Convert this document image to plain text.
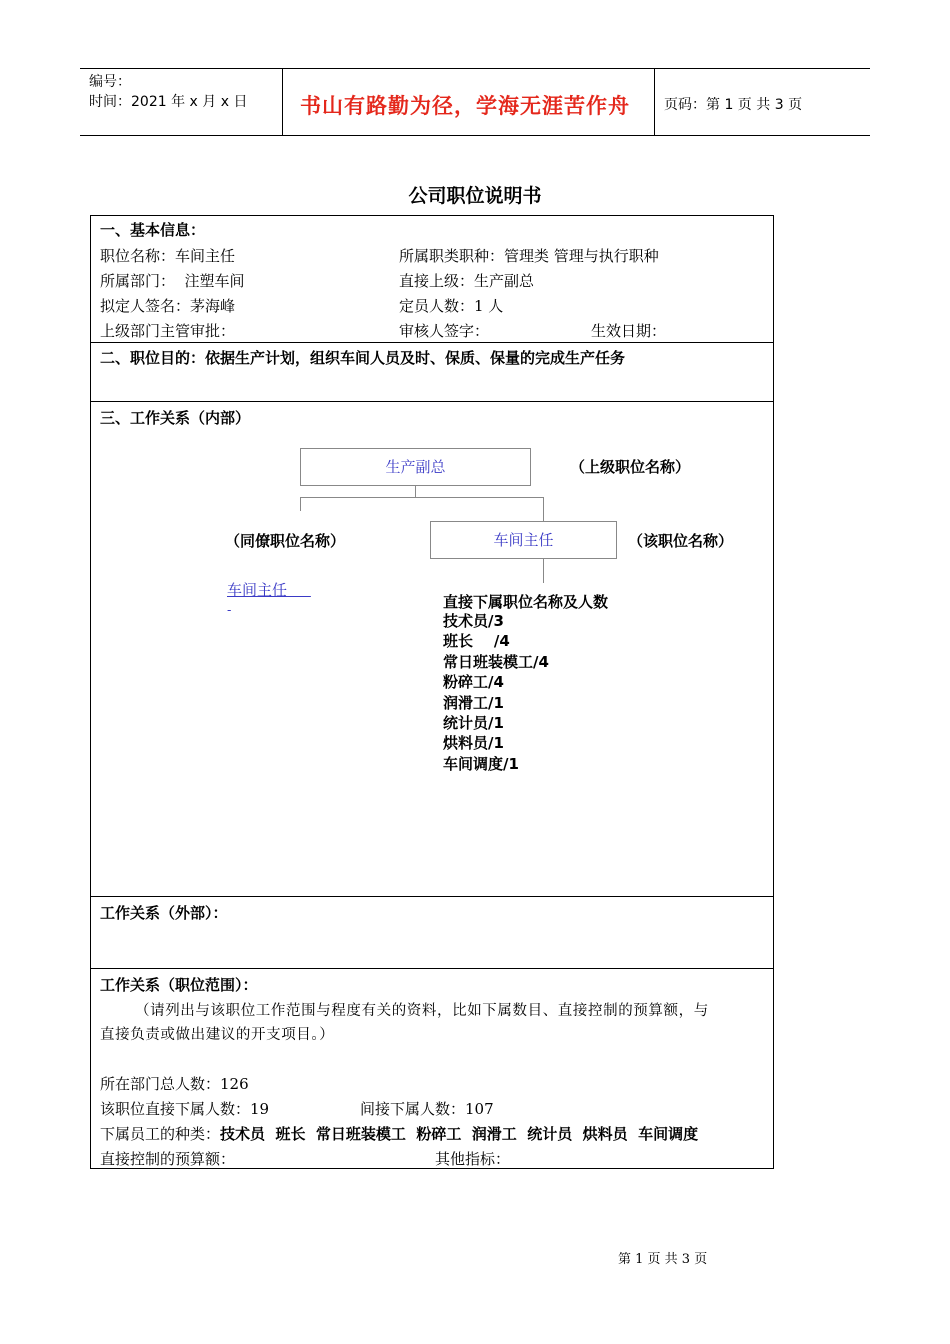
编号：
时间：2021 年 x 月 x 日	书山有路勤为径，学海无涯苦作舟 页码：第 1 页 共 3 页
公司职位说明书
一、基本信息：
职位名称：车间主任	所属职类职种：管理类 管理与执行职种
所属部门：  注塑车间	直接上级：生产副总
拟定人签名：茅海峰	定员人数：1 人
上级部门主管审批：	审核人签字：	生效日期：
二、职位目的：依据生产计划，组织车间人员及时、保质、保量的完成生产任务
三、工作关系（内部）
生产副总	（上级职位名称）
（同僚职位名称）	车间主任	（该职位名称）
车间主任
-	直接下属职位名称及人数
技术员/3
班长    /4
常日班装模工/4
粉碎工/4
润滑工/1
统计员/1
烘料员/1
车间调度/1
工作关系（外部）：
工作关系（职位范围）：
（请列出与该职位工作范围与程度有关的资料，比如下属数目、直接控制的预算额，与
直接负责或做出建议的开支项目。）
所在部门总人数：126
该职位直接下属人数：19	间接下属人数：107
下属员工的种类：技术员  班长  常日班装模工  粉碎工  润滑工  统计员  烘料员  车间调度
直接控制的预算额：	其他指标：
第 1 页 共 3 页
